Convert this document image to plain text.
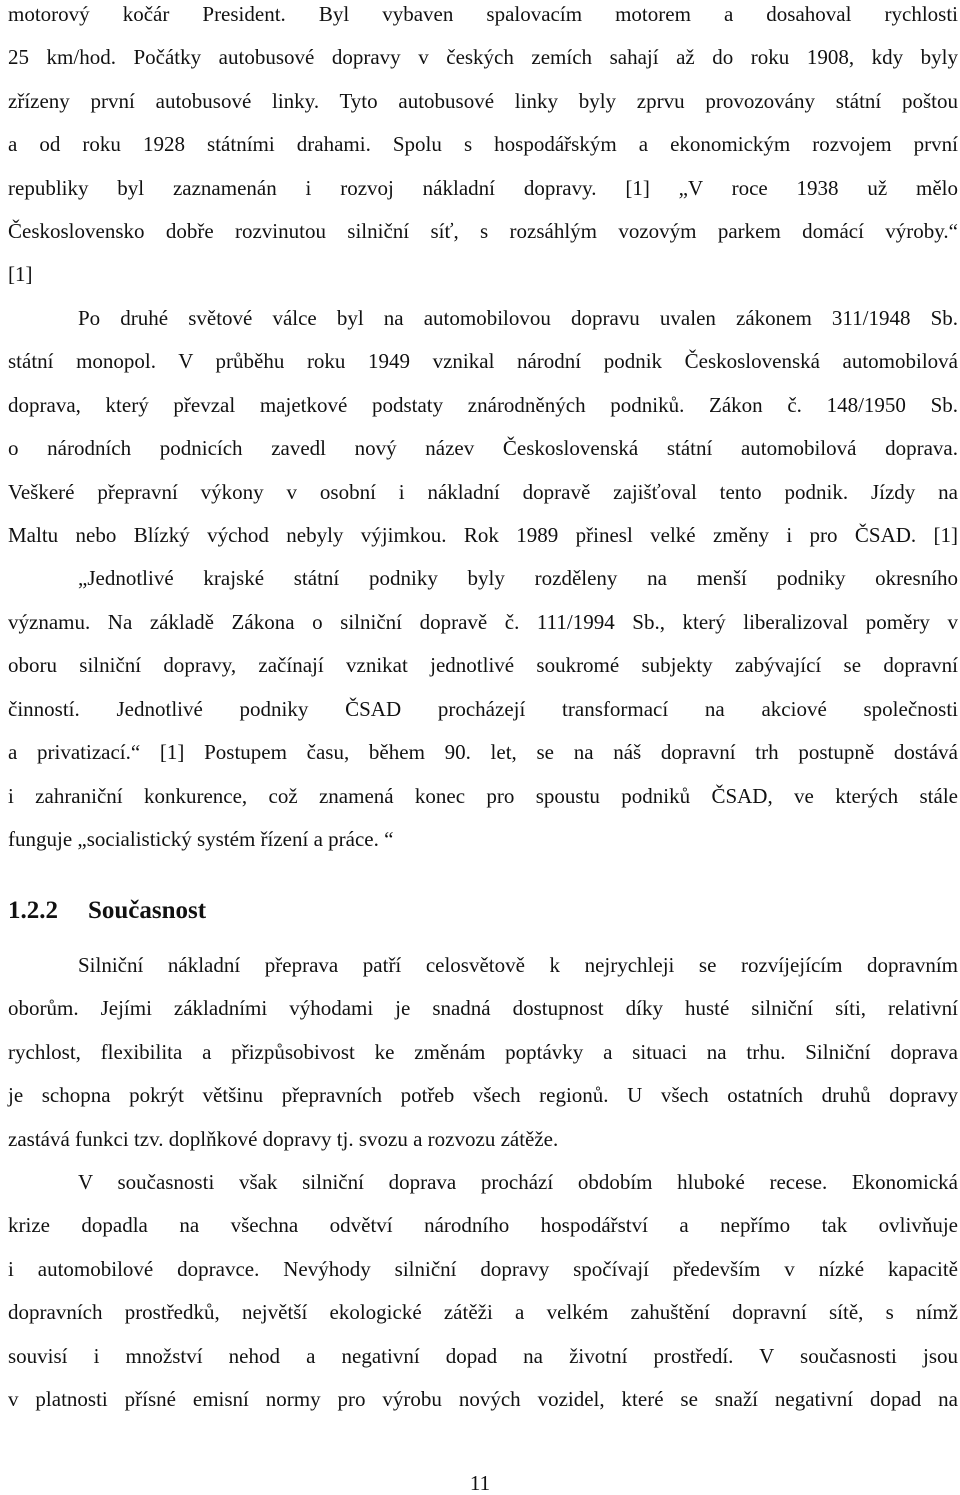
motorový kočár President. Byl vybaven spalovacím motorem a dosahoval rychlosti
25 km/hod. Počátky autobusové dopravy v českých zemích sahají až do roku 1908, kdy byly
zřízeny první autobusové linky. Tyto autobusové linky byly zprvu provozovány státní poštou
a od roku 1928 státními drahami. Spolu s hospodářským a ekonomickým rozvojem první
republiky byl zaznamenán i rozvoj nákladní dopravy. [1] „V roce 1938 už mělo
Československo dobře rozvinutou silniční síť, s rozsáhlým vozovým parkem domácí výroby.“
[1]
Po druhé světové válce byl na automobilovou dopravu uvalen zákonem 311/1948 Sb.
státní monopol. V průběhu roku 1949 vznikal národní podnik Československá automobilová
doprava, který převzal majetkové podstaty znárodněných podniků. Zákon č. 148/1950 Sb.
o národních podnicích zavedl nový název Československá státní automobilová doprava.
Veškeré přepravní výkony v osobní i nákladní dopravě zajišťoval tento podnik. Jízdy na
Maltu nebo Blízký východ nebyly výjimkou. Rok 1989 přinesl velké změny i pro ČSAD. [1]
„Jednotlivé krajské státní podniky byly rozděleny na menší podniky okresního
významu. Na základě Zákona o silniční dopravě č. 111/1994 Sb., který liberalizoval poměry v
oboru silniční dopravy, začínají vznikat jednotlivé soukromé subjekty zabývající se dopravní
činností. Jednotlivé podniky ČSAD procházejí transformací na akciové společnosti
a privatizací.“ [1] Postupem času, během 90. let, se na náš dopravní trh postupně dostává
i zahraniční konkurence, což znamená konec pro spoustu podniků ČSAD, ve kterých stále
funguje „socialistický systém řízení a práce. “
1.2.2 Současnost
Silniční nákladní přeprava patří celosvětově k nejrychleji se rozvíjejícím dopravním
oborům. Jejími základními výhodami je snadná dostupnost díky husté silniční síti, relativní
rychlost, flexibilita a přizpůsobivost ke změnám poptávky a situaci na trhu. Silniční doprava
je schopna pokrýt většinu přepravních potřeb všech regionů. U všech ostatních druhů dopravy
zastává funkci tzv. doplňkové dopravy tj. svozu a rozvozu zátěže.
V současnosti však silniční doprava prochází obdobím hluboké recese. Ekonomická
krize dopadla na všechna odvětví národního hospodářství a nepřímo tak ovlivňuje
i automobilové dopravce. Nevýhody silniční dopravy spočívají především v nízké kapacitě
dopravních prostředků, největší ekologické zátěži a velkém zahuštění dopravní sítě, s nímž
souvisí i množství nehod a negativní dopad na životní prostředí. V současnosti jsou
v platnosti přísné emisní normy pro výrobu nových vozidel, které se snaží negativní dopad na
11
